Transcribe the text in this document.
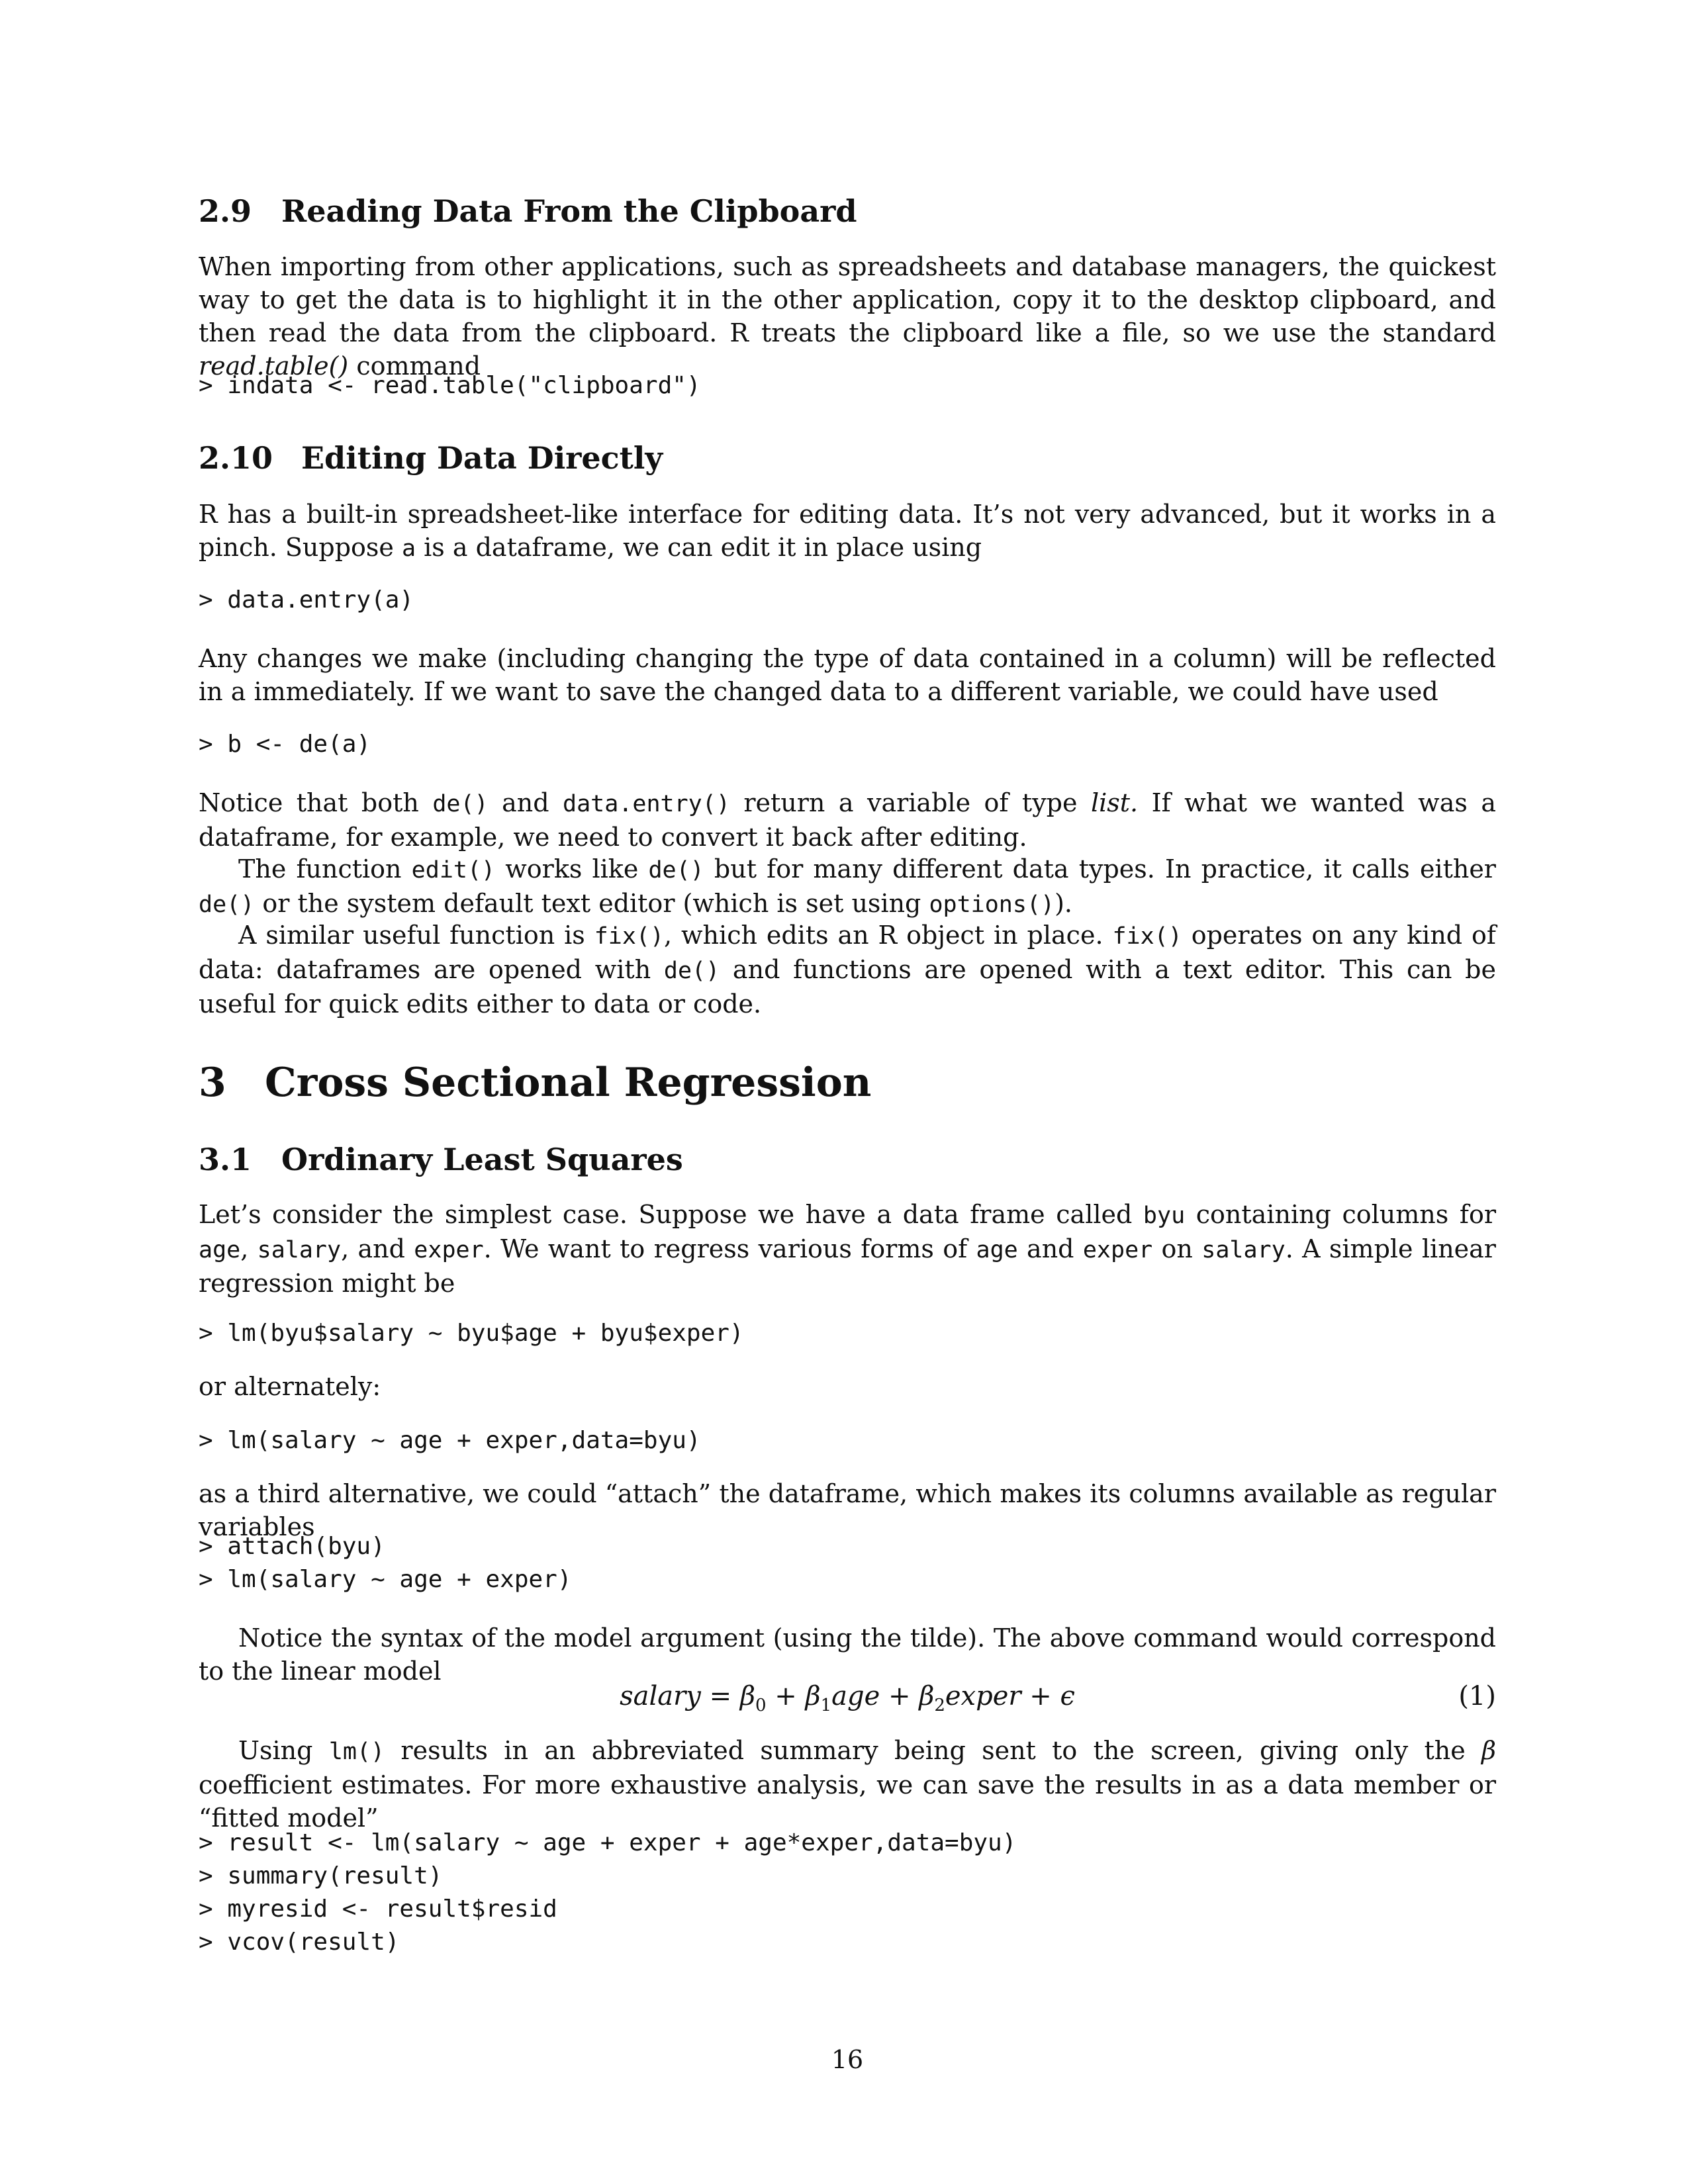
2.9 Reading Data From the Clipboard

When importing from other applications, such as spreadsheets and database managers, the quickest way to get the data is to highlight it in the other application, copy it to the desktop clipboard, and then read the data from the clipboard. R treats the clipboard like a file, so we use the standard read.table() command

> indata <- read.table("clipboard")
2.10 Editing Data Directly

R has a built-in spreadsheet-like interface for editing data. It’s not very advanced, but it works in a pinch. Suppose a is a dataframe, we can edit it in place using

> data.entry(a)

Any changes we make (including changing the type of data contained in a column) will be reflected in a immediately. If we want to save the changed data to a different variable, we could have used

> b <- de(a)

Notice that both de() and data.entry() return a variable of type list. If what we wanted was a dataframe, for example, we need to convert it back after editing.

The function edit() works like de() but for many different data types. In practice, it calls either de() or the system default text editor (which is set using options()).

A similar useful function is fix(), which edits an R object in place. fix() operates on any kind of data: dataframes are opened with de() and functions are opened with a text editor. This can be useful for quick edits either to data or code.

3 Cross Sectional Regression
3.1 Ordinary Least Squares

Let’s consider the simplest case. Suppose we have a data frame called byu containing columns for age, salary, and exper. We want to regress various forms of age and exper on salary. A simple linear regression might be

> lm(byu$salary ~ byu$age + byu$exper)

or alternately:

> lm(salary ~ age + exper,data=byu)

as a third alternative, we could “attach” the dataframe, which makes its columns available as regular variables

> attach(byu)
> lm(salary ~ age + exper)

Notice the syntax of the model argument (using the tilde). The above command would correspond to the linear model

salary = $\beta_0 + \beta_1age$ + $\beta_2exper + \epsilon$	(1)

Using lm() results in an abbreviated summary being sent to the screen, giving only the β coefficient estimates. For more exhaustive analysis, we can save the results in as a data member or “fitted model”

> result <- lm(salary ~ age + exper + age*exper,data=byu)
> summary(result)
> myresid <- result$resid
> vcov(result)
16
